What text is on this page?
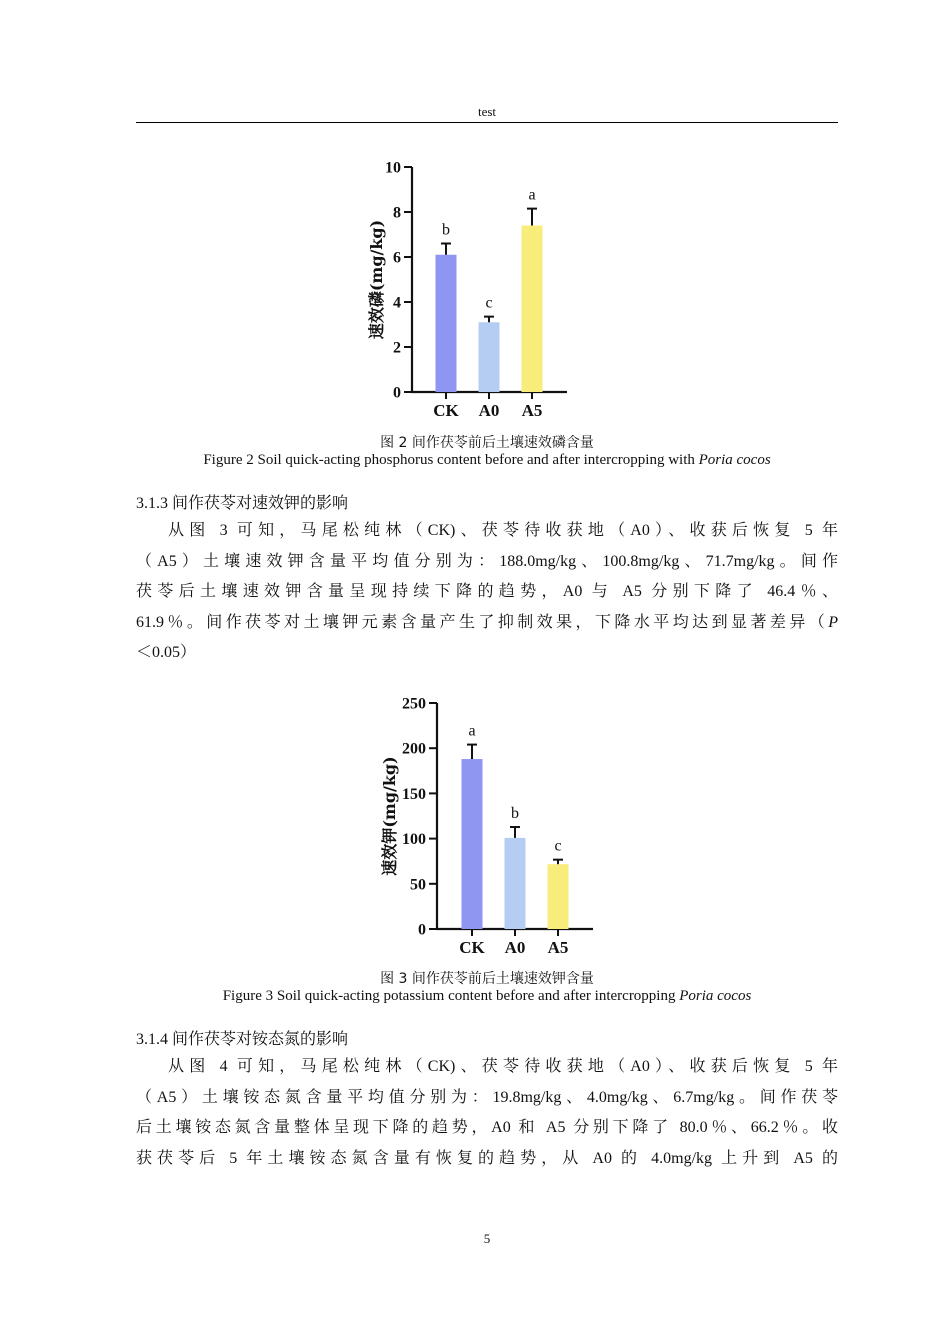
test
0
2
4
6
8
10
速效磷(mg/kg)
CK
b
A0
c
A5
a
图 2 间作茯苓前后土壤速效磷含量
Figure 2 Soil quick-acting phosphorus content before and after intercropping with Poria cocos
3.1.3 间作茯苓对速效钾的影响
从图 3 可知，马尾松纯林（CK)、茯苓待收获地（A0）、收获后恢复 5 年
（A5）土壤速效钾含量平均值分别为：188.0mg/kg、100.8mg/kg、71.7mg/kg。间作
茯苓后土壤速效钾含量呈现持续下降的趋势，A0 与 A5 分别下降了 46.4％、
61.9％。间作茯苓对土壤钾元素含量产生了抑制效果，下降水平均达到显著差异（P
＜0.05）
0
50
100
150
200
250
速效钾(mg/kg)
CK
a
A0
b
A5
c
图 3 间作茯苓前后土壤速效钾含量
Figure 3 Soil quick-acting potassium content before and after intercropping Poria cocos
3.1.4 间作茯苓对铵态氮的影响
从图 4 可知，马尾松纯林（CK)、茯苓待收获地（A0）、收获后恢复 5 年
（A5）土壤铵态氮含量平均值分别为：19.8mg/kg、4.0mg/kg、6.7mg/kg。间作茯苓
后土壤铵态氮含量整体呈现下降的趋势，A0 和 A5 分别下降了 80.0％、66.2％。收
获茯苓后 5 年土壤铵态氮含量有恢复的趋势，从 A0 的 4.0mg/kg 上升到 A5 的
5
